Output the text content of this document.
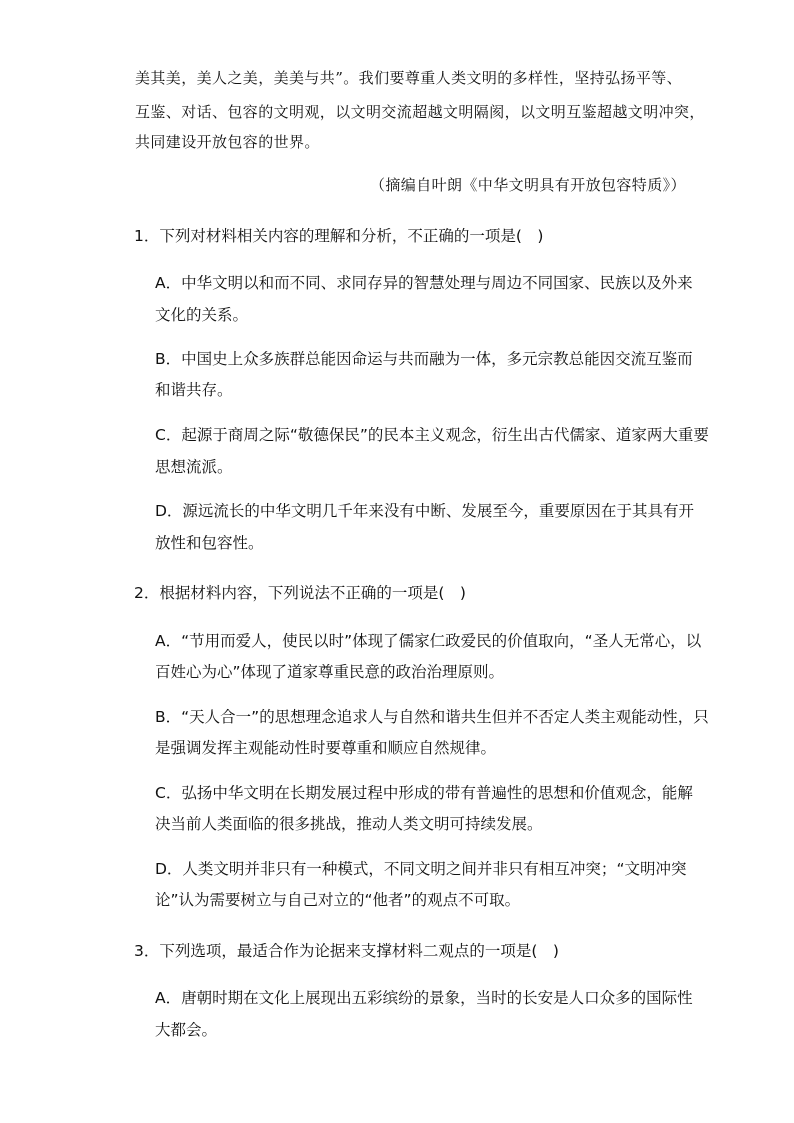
美其美，美人之美，美美与共”。我们要尊重人类文明的多样性，坚持弘扬平等、
互鉴、对话、包容的文明观，以文明交流超越文明隔阂，以文明互鉴超越文明冲突，
共同建设开放包容的世界。
（摘编自叶朗《中华文明具有开放包容特质》）
1．下列对材料相关内容的理解和分析，不正确的一项是(　)
A．中华文明以和而不同、求同存异的智慧处理与周边不同国家、民族以及外来
文化的关系。
B．中国史上众多族群总能因命运与共而融为一体，多元宗教总能因交流互鉴而
和谐共存。
C．起源于商周之际“敬德保民”的民本主义观念，衍生出古代儒家、道家两大重要
思想流派。
D．源远流长的中华文明几千年来没有中断、发展至今，重要原因在于其具有开
放性和包容性。
2．根据材料内容，下列说法不正确的一项是(　)
A．“节用而爱人，使民以时”体现了儒家仁政爱民的价值取向，“圣人无常心，以
百姓心为心”体现了道家尊重民意的政治治理原则。
B．“天人合一”的思想理念追求人与自然和谐共生但并不否定人类主观能动性，只
是强调发挥主观能动性时要尊重和顺应自然规律。
C．弘扬中华文明在长期发展过程中形成的带有普遍性的思想和价值观念，能解
决当前人类面临的很多挑战，推动人类文明可持续发展。
D．人类文明并非只有一种模式，不同文明之间并非只有相互冲突；“文明冲突
论”认为需要树立与自己对立的“他者”的观点不可取。
3．下列选项，最适合作为论据来支撑材料二观点的一项是(　)
A．唐朝时期在文化上展现出五彩缤纷的景象，当时的长安是人口众多的国际性
大都会。
